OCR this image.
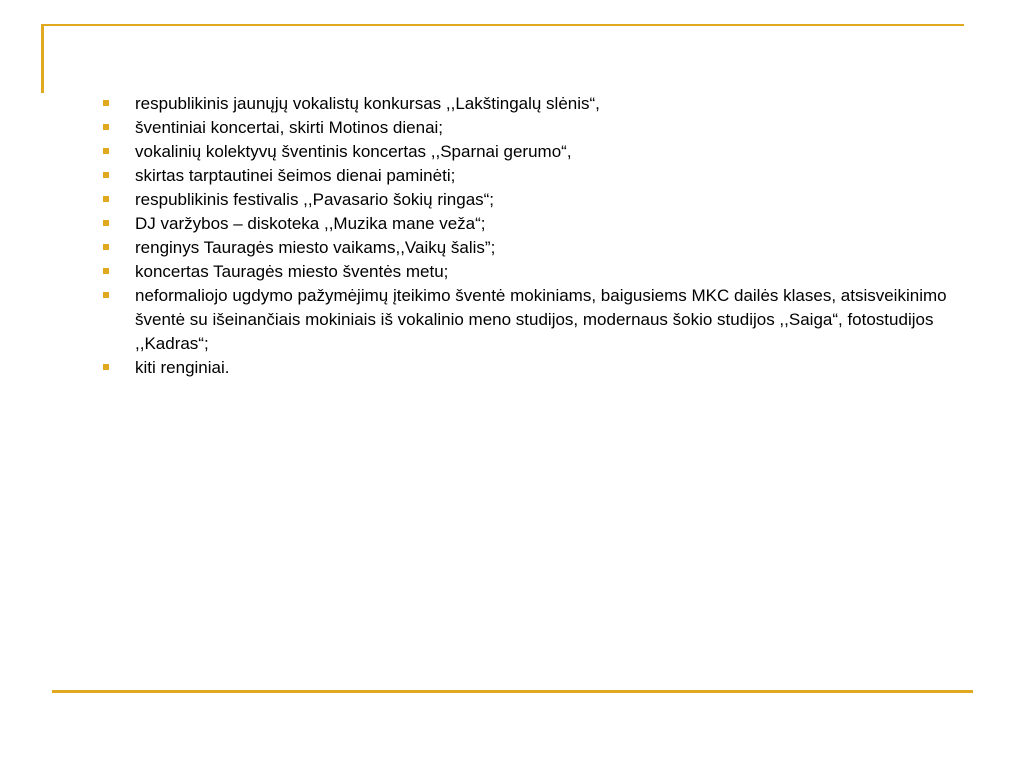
respublikinis jaunųjų vokalistų konkursas ,,Lakštingalų slėnis“,
šventiniai koncertai, skirti Motinos dienai;
vokalinių kolektyvų šventinis koncertas ,,Sparnai gerumo“,
skirtas tarptautinei šeimos dienai paminėti;
respublikinis festivalis ,,Pavasario šokių ringas“;
DJ varžybos – diskoteka ,,Muzika mane veža“;
renginys Tauragės miesto vaikams,,Vaikų šalis”;
koncertas Tauragės miesto šventės metu;
neformaliojo ugdymo pažymėjimų įteikimo šventė mokiniams, baigusiems MKC dailės klases, atsisveikinimo šventė su išeinančiais mokiniais iš vokalinio meno studijos, modernaus šokio studijos ,,Saiga“, fotostudijos ,,Kadras“;
kiti renginiai.
